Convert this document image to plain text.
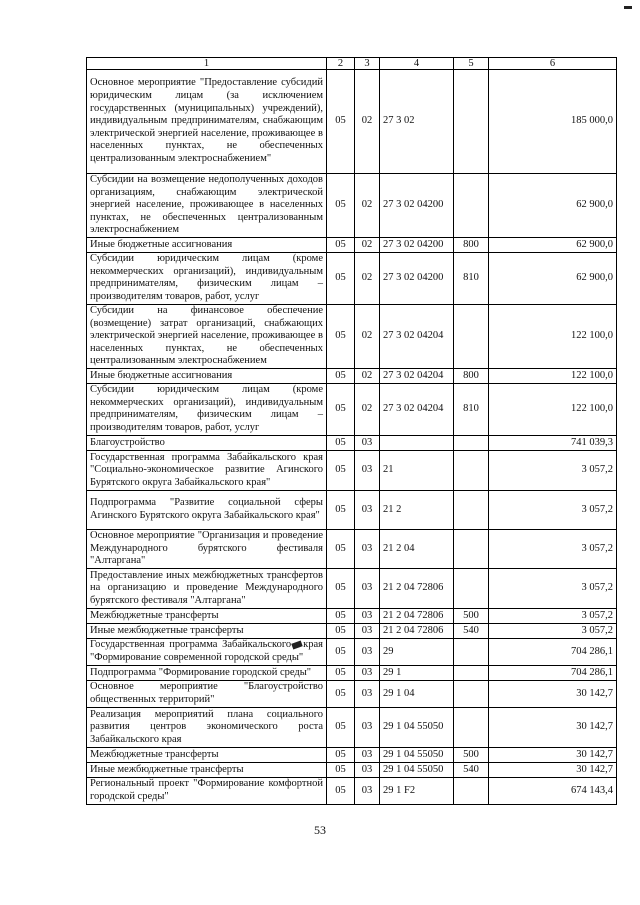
1	2	3	4	5	6
Основное мероприятие "Предоставление субсидий юридическим лицам (за исключением государственных (муниципальных) учреждений), индивидуальным предпринимателям, снабжающим электрической энергией население, проживающее в населенных пунктах, не обеспеченных централизованным электроснабжением"	05	02	27 3 02		185 000,0
Субсидии на возмещение недополученных доходов организациям, снабжающим электрической энергией население, проживающее в населенных пунктах, не обеспеченных централизованным электроснабжением	05	02	27 3 02 04200		62 900,0
Иные бюджетные ассигнования	05	02	27 3 02 04200	800	62 900,0
Субсидии юридическим лицам (кроме некоммерческих организаций), индивидуальным предпринимателям, физическим лицам – производителям товаров, работ, услуг	05	02	27 3 02 04200	810	62 900,0
Субсидии на финансовое обеспечение (возмещение) затрат организаций, снабжающих электрической энергией население, проживающее в населенных пунктах, не обеспеченных централизованным электроснабжением	05	02	27 3 02 04204		122 100,0
Иные бюджетные ассигнования	05	02	27 3 02 04204	800	122 100,0
Субсидии юридическим лицам (кроме некоммерческих организаций), индивидуальным предпринимателям, физическим лицам – производителям товаров, работ, услуг	05	02	27 3 02 04204	810	122 100,0
Благоустройство	05	03			741 039,3
Государственная программа Забайкальского края "Социально-экономическое развитие Агинского Бурятского округа Забайкальского края"	05	03	21		3 057,2
Подпрограмма "Развитие социальной сферы Агинского Бурятского округа Забайкальского края"	05	03	21 2		3 057,2
Основное мероприятие "Организация и проведение Международного бурятского фестиваля "Алтаргана"	05	03	21 2 04		3 057,2
Предоставление иных межбюджетных трансфертов на организацию и проведение Международного бурятского фестиваля "Алтаргана"	05	03	21 2 04 72806		3 057,2
Межбюджетные трансферты	05	03	21 2 04 72806	500	3 057,2
Иные межбюджетные трансферты	05	03	21 2 04 72806	540	3 057,2
Государственная программа Забайкальского края "Формирование современной городской среды"	05	03	29		704 286,1
Подпрограмма "Формирование городской среды"	05	03	29 1		704 286,1
Основное мероприятие "Благоустройство общественных территорий"	05	03	29 1 04		30 142,7
Реализация мероприятий плана социального развития центров экономического роста Забайкальского края	05	03	29 1 04 55050		30 142,7
Межбюджетные трансферты	05	03	29 1 04 55050	500	30 142,7
Иные межбюджетные трансферты	05	03	29 1 04 55050	540	30 142,7
Региональный проект "Формирование комфортной городской среды"	05	03	29 1 F2		674 143,4
53
